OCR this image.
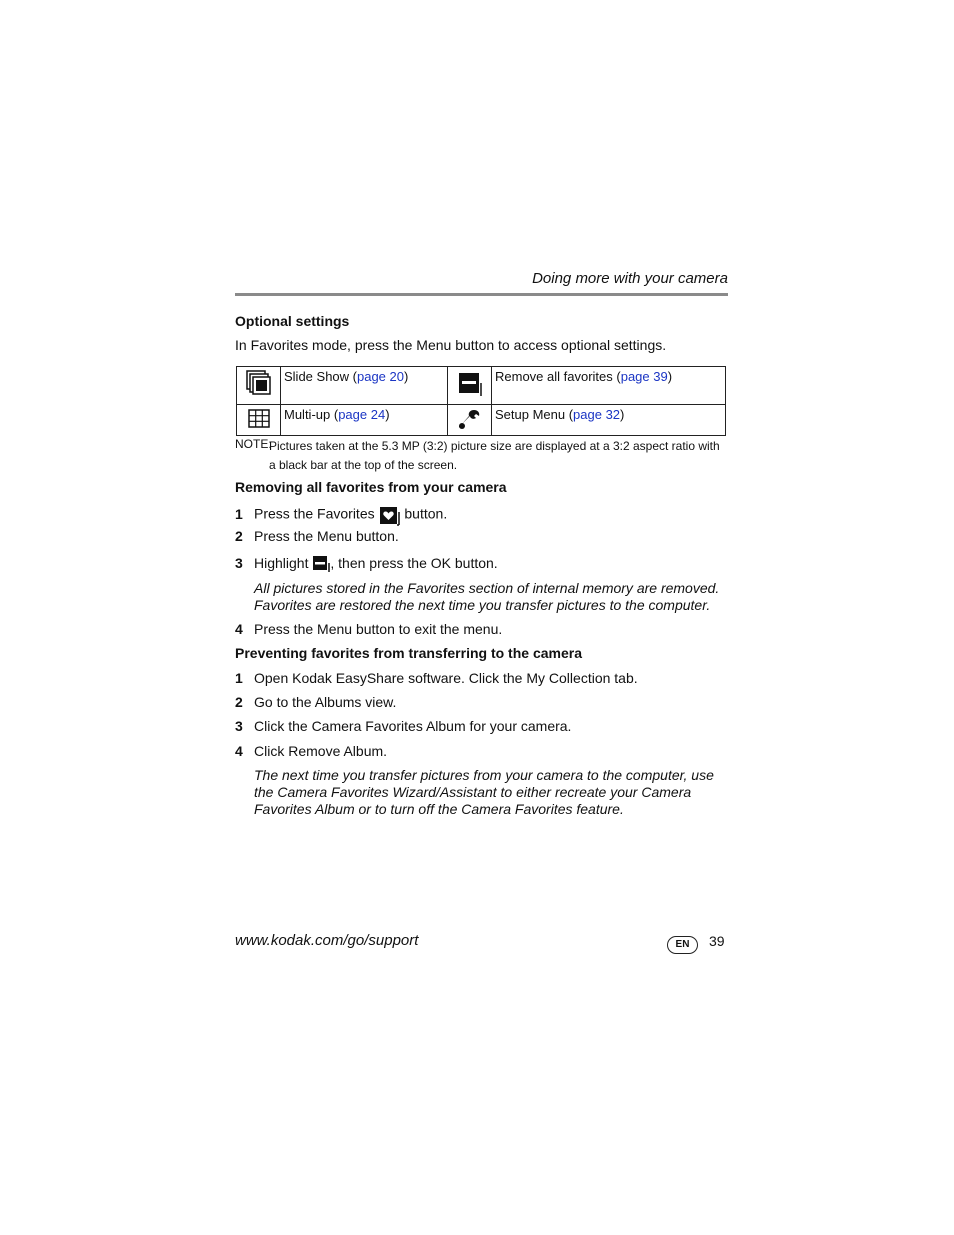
Doing more with your camera
Optional settings
In Favorites mode, press the Menu button to access optional settings.
	Slide Show (page 20)		Remove all favorites (page 39)
	Multi-up (page 24)		Setup Menu (page 32)
NOTE:
Pictures taken at the 5.3 MP (3:2) picture size are displayed at a 3:2 aspect ratio with a black bar at the top of the screen.
Removing all favorites from your camera
1 Press the Favorites button.
2 Press the Menu button.
3 Highlight , then press the OK button.
All pictures stored in the Favorites section of internal memory are removed. Favorites are restored the next time you transfer pictures to the computer.
4 Press the Menu button to exit the menu.
Preventing favorites from transferring to the camera
1 Open Kodak EasyShare software. Click the My Collection tab.
2 Go to the Albums view.
3 Click the Camera Favorites Album for your camera.
4 Click Remove Album.
The next time you transfer pictures from your camera to the computer, use the Camera Favorites Wizard/Assistant to either recreate your Camera Favorites Album or to turn off the Camera Favorites feature.
www.kodak.com/go/support	EN	39
